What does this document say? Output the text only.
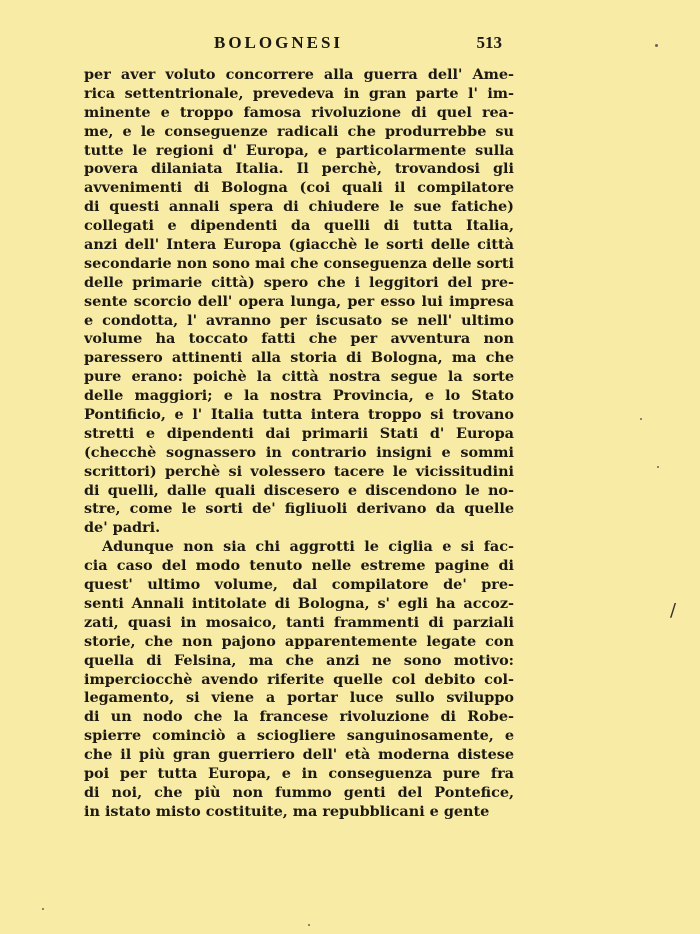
BOLOGNESI	513
per aver voluto concorrere alla guerra dell' Ame-
rica settentrionale, prevedeva in gran parte l' im-
minente e troppo famosa rivoluzione di quel rea-
me, e le conseguenze radicali che produrrebbe su
tutte le regioni d' Europa, e particolarmente sulla
povera dilaniata Italia. Il perchè, trovandosi gli
avvenimenti di Bologna (coi quali il compilatore
di questi annali spera di chiudere le sue fatiche)
collegati e dipendenti da quelli di tutta Italia,
anzi dell' Intera Europa (giacchè le sorti delle città
secondarie non sono mai che conseguenza delle sorti
delle primarie città) spero che i leggitori del pre-
sente scorcio dell' opera lunga, per esso lui impresa
e condotta, l' avranno per iscusato se nell' ultimo
volume ha toccato fatti che per avventura non
paressero attinenti alla storia di Bologna, ma che
pure erano: poichè la città nostra segue la sorte
delle maggiori; e la nostra Provincia, e lo Stato
Pontificio, e l' Italia tutta intera troppo si trovano
stretti e dipendenti dai primarii Stati d' Europa
(checchè sognassero in contrario insigni e sommi
scrittori) perchè si volessero tacere le vicissitudini
di quelli, dalle quali discesero e discendono le no-
stre, come le sorti de' figliuoli derivano da quelle
de' padri.
Adunque non sia chi aggrotti le ciglia e si fac-
cia caso del modo tenuto nelle estreme pagine di
quest' ultimo volume, dal compilatore de' pre-
senti Annali intitolate di Bologna, s' egli ha accoz-
zati, quasi in mosaico, tanti frammenti di parziali
storie, che non pajono apparentemente legate con
quella di Felsina, ma che anzi ne sono motivo:
imperciocchè avendo riferite quelle col debito col-
legamento, si viene a portar luce sullo sviluppo
di un nodo che la francese rivoluzione di Robe-
spierre cominciò a sciogliere sanguinosamente, e
che il più gran guerriero dell' età moderna distese
poi per tutta Europa, e in conseguenza pure fra
di noi, che più non fummo genti del Pontefice,
in istato misto costituite, ma repubblicani e gente
/
